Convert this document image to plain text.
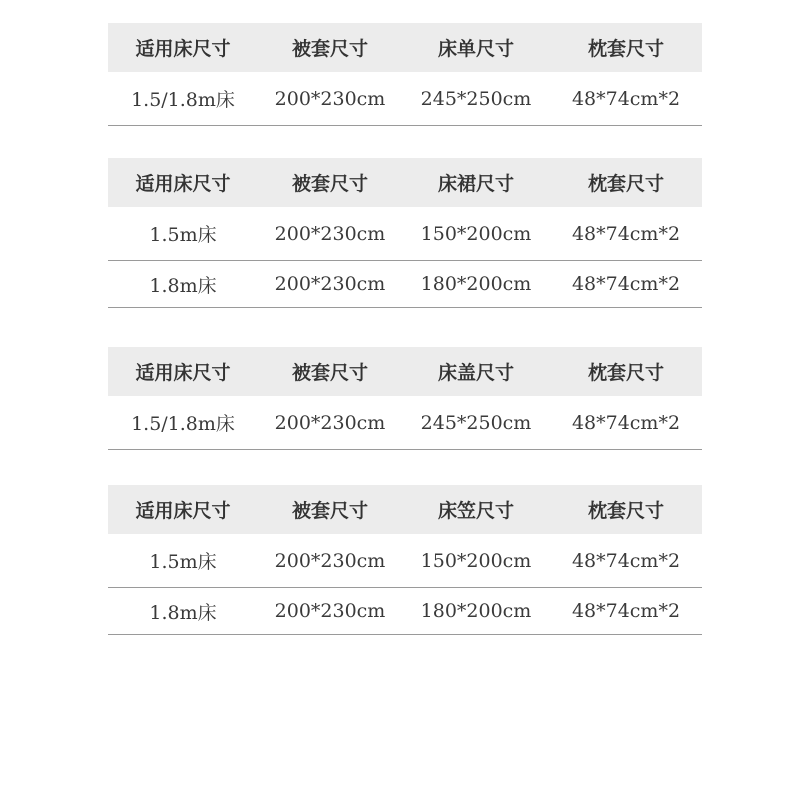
适用床尺寸	被套尺寸	床单尺寸	枕套尺寸
1.5/1.8m床	200*230cm	245*250cm	48*74cm*2
适用床尺寸	被套尺寸	床裙尺寸	枕套尺寸
1.5m床	200*230cm	150*200cm	48*74cm*2
1.8m床	200*230cm	180*200cm	48*74cm*2
适用床尺寸	被套尺寸	床盖尺寸	枕套尺寸
1.5/1.8m床	200*230cm	245*250cm	48*74cm*2
适用床尺寸	被套尺寸	床笠尺寸	枕套尺寸
1.5m床	200*230cm	150*200cm	48*74cm*2
1.8m床	200*230cm	180*200cm	48*74cm*2
